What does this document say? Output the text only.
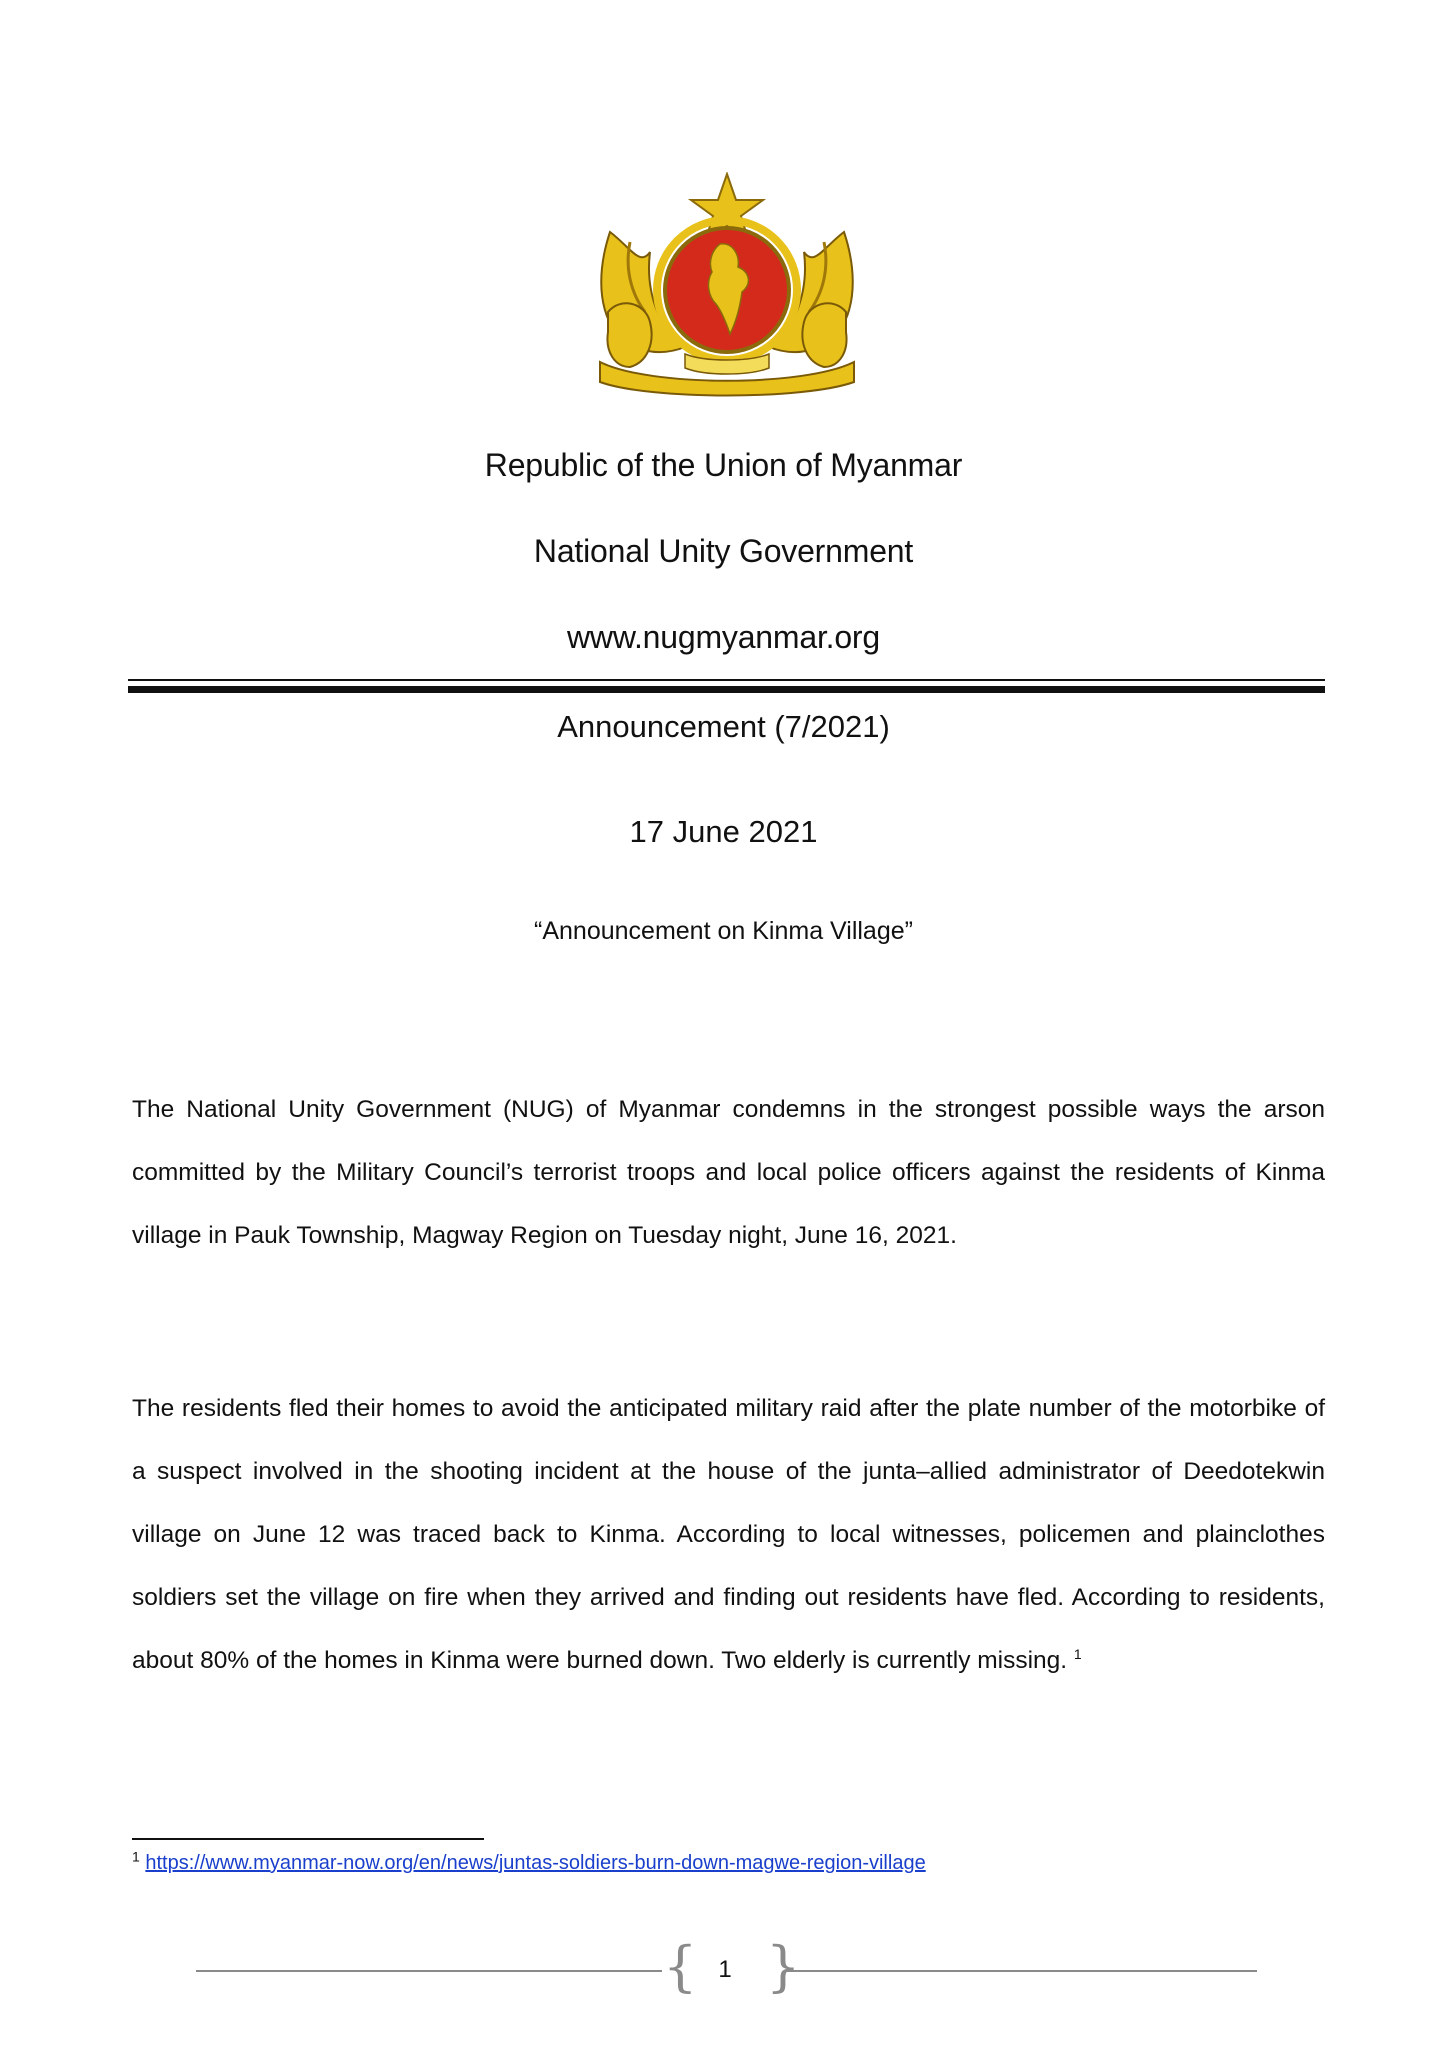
Republic of the Union of Myanmar
National Unity Government
www.nugmyanmar.org
Announcement (7/2021)
17 June 2021
“Announcement on Kinma Village”
The National Unity Government (NUG) of Myanmar condemns in the strongest possible ways the arson committed by the Military Council’s terrorist troops and local police officers against the residents of Kinma village in Pauk Township, Magway Region on Tuesday night, June 16, 2021.
The residents fled their homes to avoid the anticipated military raid after the plate number of the motorbike of a suspect involved in the shooting incident at the house of the junta–allied administrator of Deedotekwin village on June 12 was traced back to Kinma. According to local witnesses, policemen and plainclothes soldiers set the village on fire when they arrived and finding out residents have fled. According to residents, about 80% of the homes in Kinma were burned down. Two elderly is currently missing. $^1$
$^1$ https://www.myanmar-now.org/en/news/juntas-soldiers-burn-down-magwe-region-village
{ }
1
